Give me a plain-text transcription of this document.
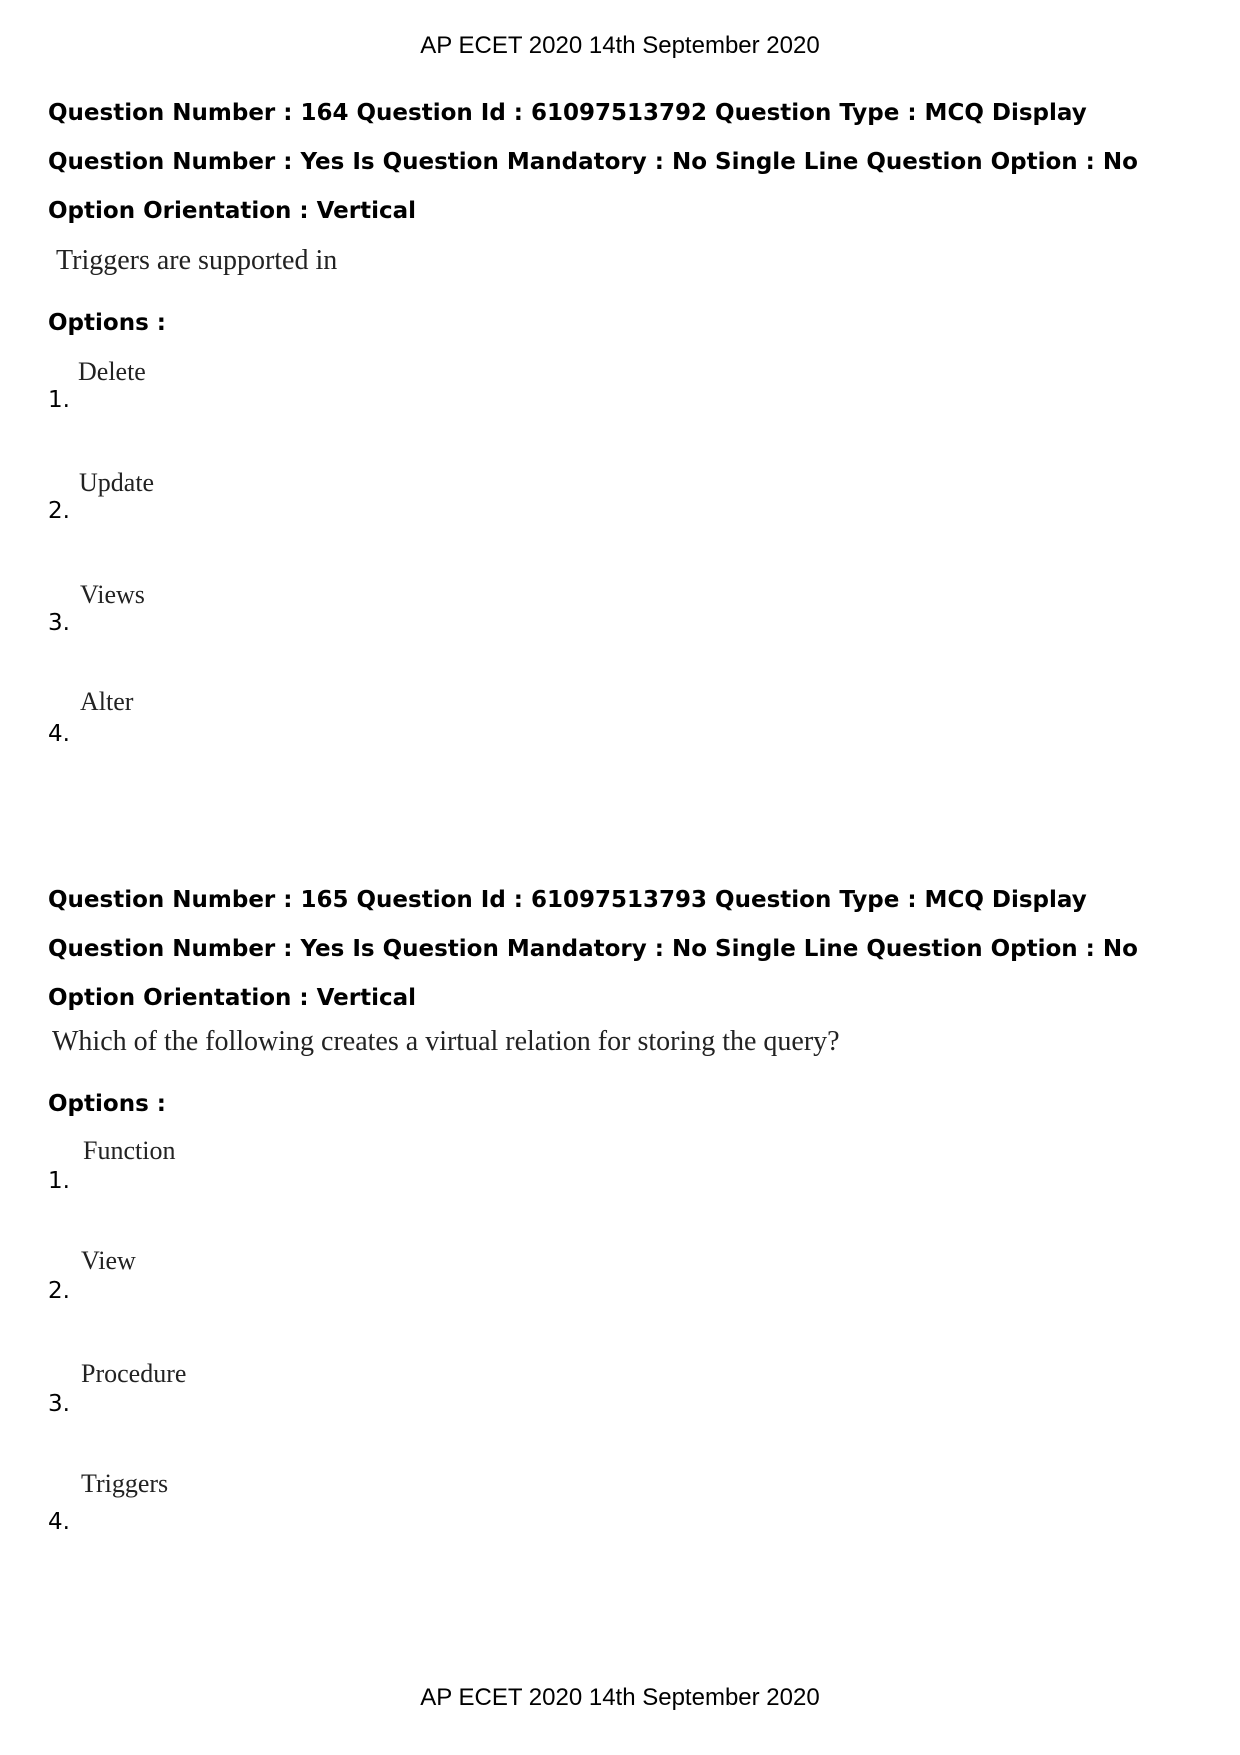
AP ECET 2020 14th September 2020

Question Number : 164 Question Id : 61097513792 Question Type : MCQ Display Question Number : Yes Is Question Mandatory : No Single Line Question Option : No Option Orientation : Vertical

Triggers are supported in

Options :

1.
Delete
2.
Update
3.
Views
4.
Alter

Question Number : 165 Question Id : 61097513793 Question Type : MCQ Display Question Number : Yes Is Question Mandatory : No Single Line Question Option : No Option Orientation : Vertical

Which of the following creates a virtual relation for storing the query?

Options :

1.
Function
2.
View
3.
Procedure
4.
Triggers
AP ECET 2020 14th September 2020
